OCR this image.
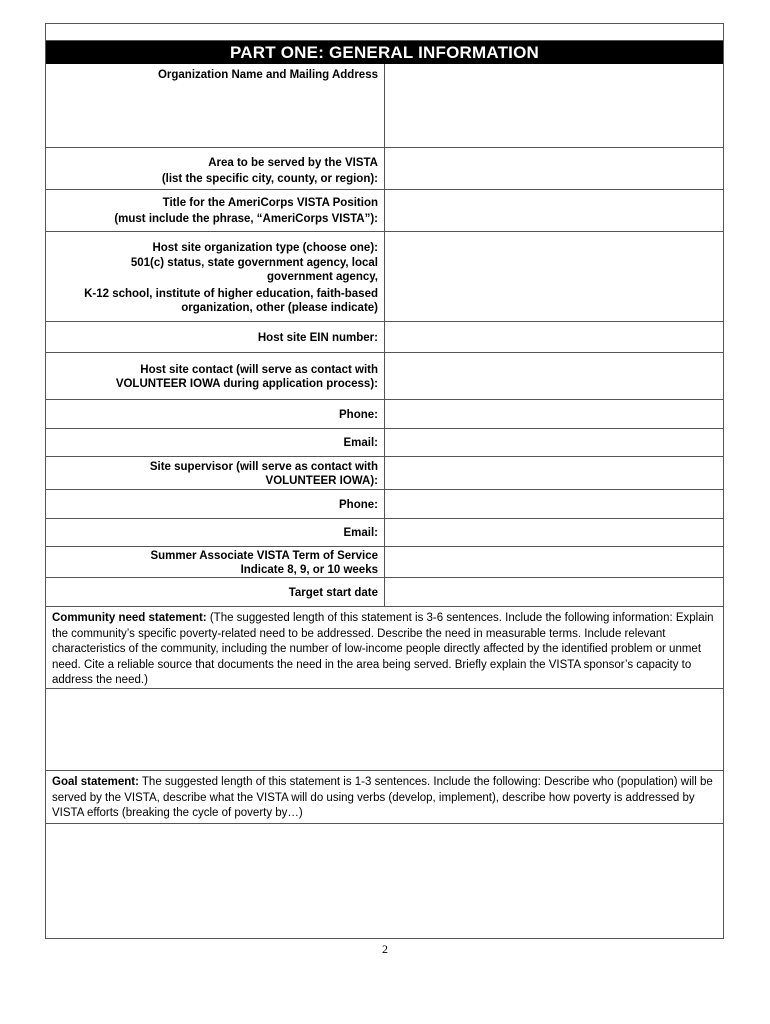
PART ONE: GENERAL INFORMATION
Organization Name and Mailing Address
Area to be served by the VISTA
(list the specific city, county, or region):
Title for the AmeriCorps VISTA Position
(must include the phrase, “AmeriCorps VISTA”):
Host site organization type (choose one):
501(c) status, state government agency, local government agency,
K-12 school, institute of higher education, faith-based organization, other (please indicate)
Host site EIN number:
Host site contact (will serve as contact with
VOLUNTEER IOWA during application process):
Phone:
Email:
Site supervisor (will serve as contact with
VOLUNTEER IOWA):
Phone:
Email:
Summer Associate VISTA Term of Service
Indicate 8, 9, or 10 weeks
Target start date
Community need statement: (The suggested length of this statement is 3-6 sentences. Include the following information: Explain the community’s specific poverty-related need to be addressed. Describe the need in measurable terms. Include relevant characteristics of the community, including the number of low-income people directly affected by the identified problem or unmet need. Cite a reliable source that documents the need in the area being served. Briefly explain the VISTA sponsor’s capacity to address the need.)
Goal statement: The suggested length of this statement is 1-3 sentences. Include the following: Describe who (population) will be served by the VISTA, describe what the VISTA will do using verbs (develop, implement), describe how poverty is addressed by VISTA efforts (breaking the cycle of poverty by…)
2
